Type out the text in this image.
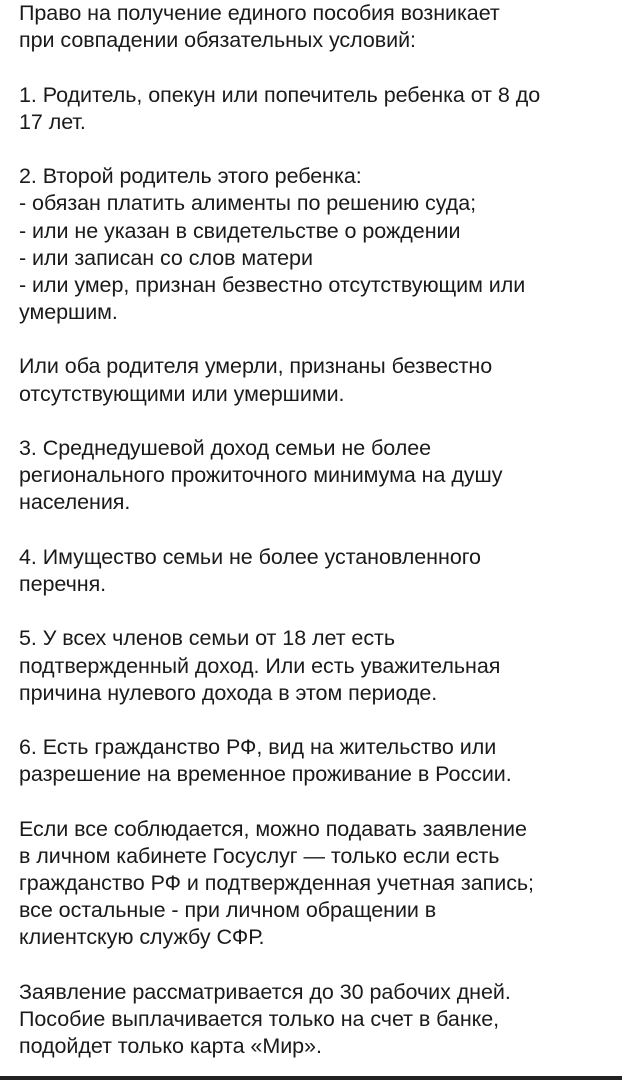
Право на получение единого пособия возникает
при совпадении обязательных условий:
1. Родитель, опекун или попечитель ребенка от 8 до
17 лет.
2. Второй родитель этого ребенка:
- обязан платить алименты по решению суда;
- или не указан в свидетельстве о рождении
- или записан со слов матери
- или умер, признан безвестно отсутствующим или
умершим.
Или оба родителя умерли, признаны безвестно
отсутствующими или умершими.
3. Среднедушевой доход семьи не более
регионального прожиточного минимума на душу
населения.
4. Имущество семьи не более установленного
перечня.
5. У всех членов семьи от 18 лет есть
подтвержденный доход. Или есть уважительная
причина нулевого дохода в этом периоде.
6. Есть гражданство РФ, вид на жительство или
разрешение на временное проживание в России.
Если все соблюдается, можно подавать заявление
в личном кабинете Госуслуг — только если есть
гражданство РФ и подтвержденная учетная запись;
все остальные - при личном обращении в
клиентскую службу СФР.
Заявление рассматривается до 30 рабочих дней.
Пособие выплачивается только на счет в банке,
подойдет только карта «Мир».
